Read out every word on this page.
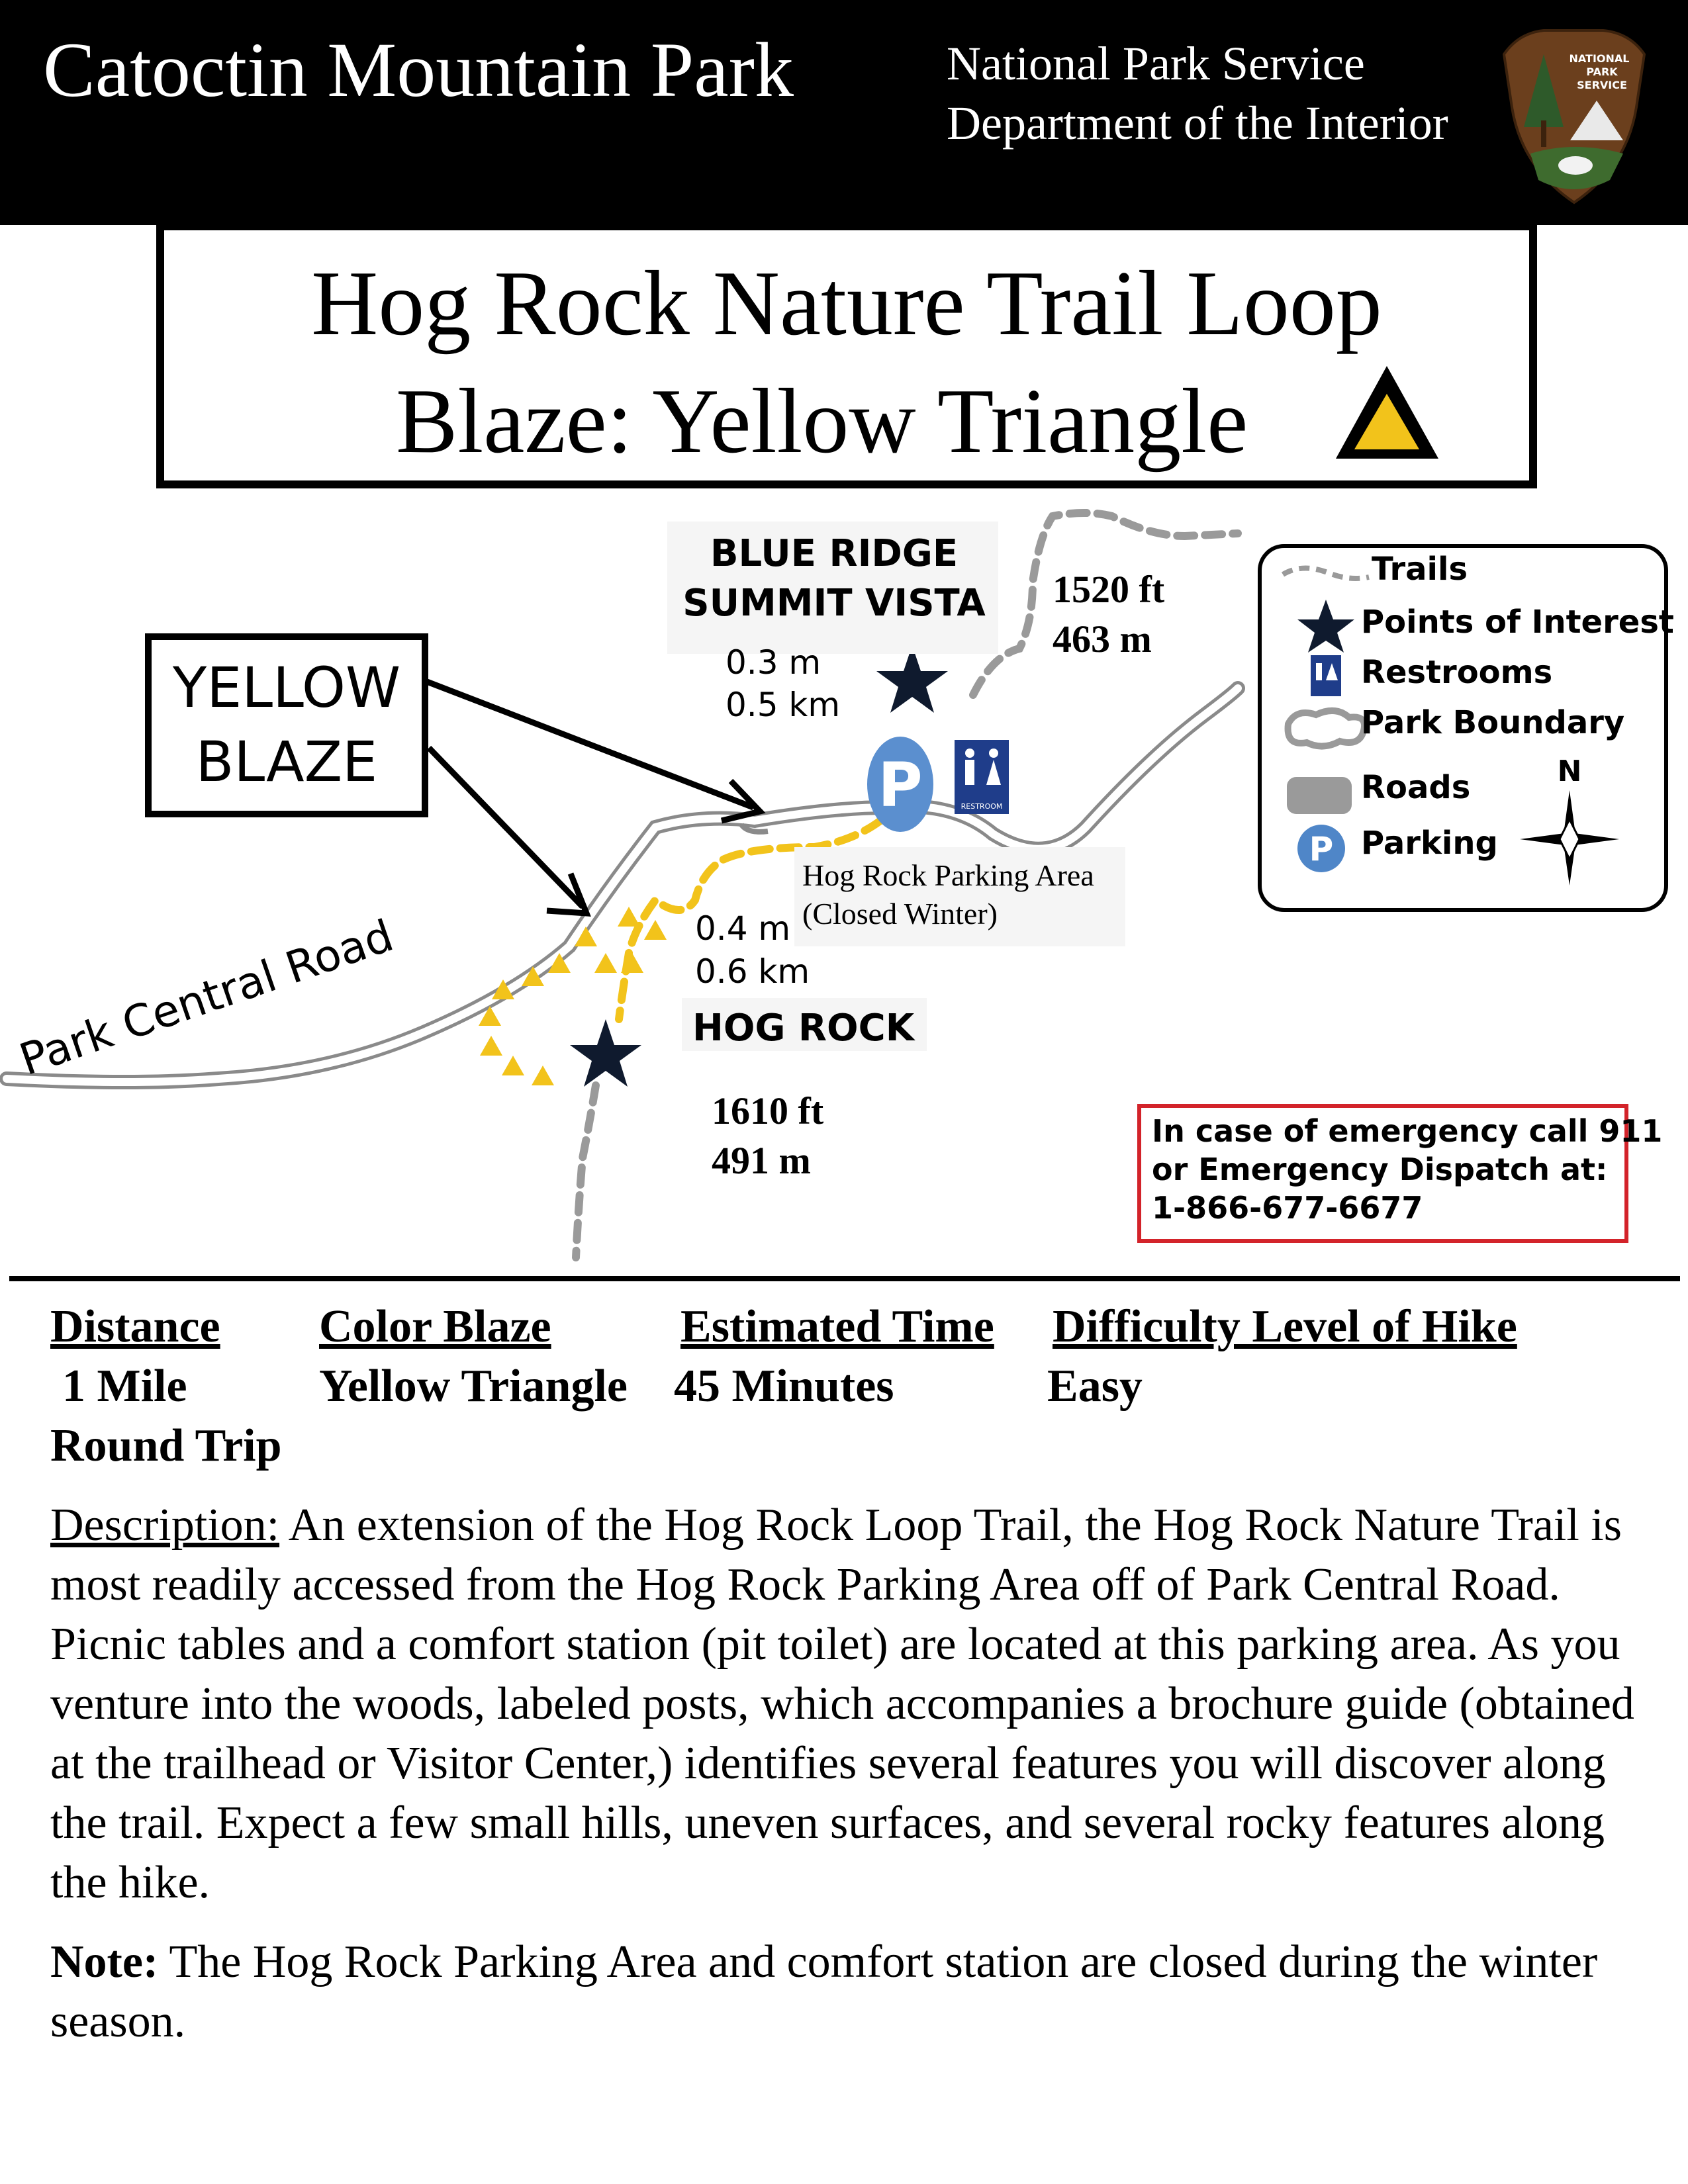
Catoctin Mountain Park	National Park Service
Department of the Interior
NATIONAL
PARK
SERVICE
Hog Rock Nature Trail Loop
Blaze: Yellow Triangle
P	RESTROOM
YELLOW
BLAZE
BLUE RIDGE
SUMMIT VISTA
0.3 m
0.5 km
1520 ft
463 m
Hog Rock Parking Area
(Closed Winter)
0.4 m
0.6 km
HOG ROCK
1610 ft
491 m
Park Central Road
P
Trails
Points of Interest
Restrooms
Park Boundary
Roads
Parking
N
In case of emergency call 911
or Emergency Dispatch at:
1-866-677-6677
Distance
1 Mile
Round Trip
Color Blaze
Yellow Triangle
Estimated Time
45 Minutes
Difficulty Level of Hike
Easy
Description: An extension of the Hog Rock Loop Trail, the Hog Rock Nature Trail is most readily accessed from the Hog Rock Parking Area off of Park Central Road. Picnic tables and a comfort station (pit toilet) are located at this parking area. As you venture into the woods, labeled posts, which accompanies a brochure guide (obtained at the trailhead or Visitor Center,) identifies several features you will discover along the trail. Expect a few small hills, uneven surfaces, and several rocky features along the hike.
Note: The Hog Rock Parking Area and comfort station are closed during the winter season.
